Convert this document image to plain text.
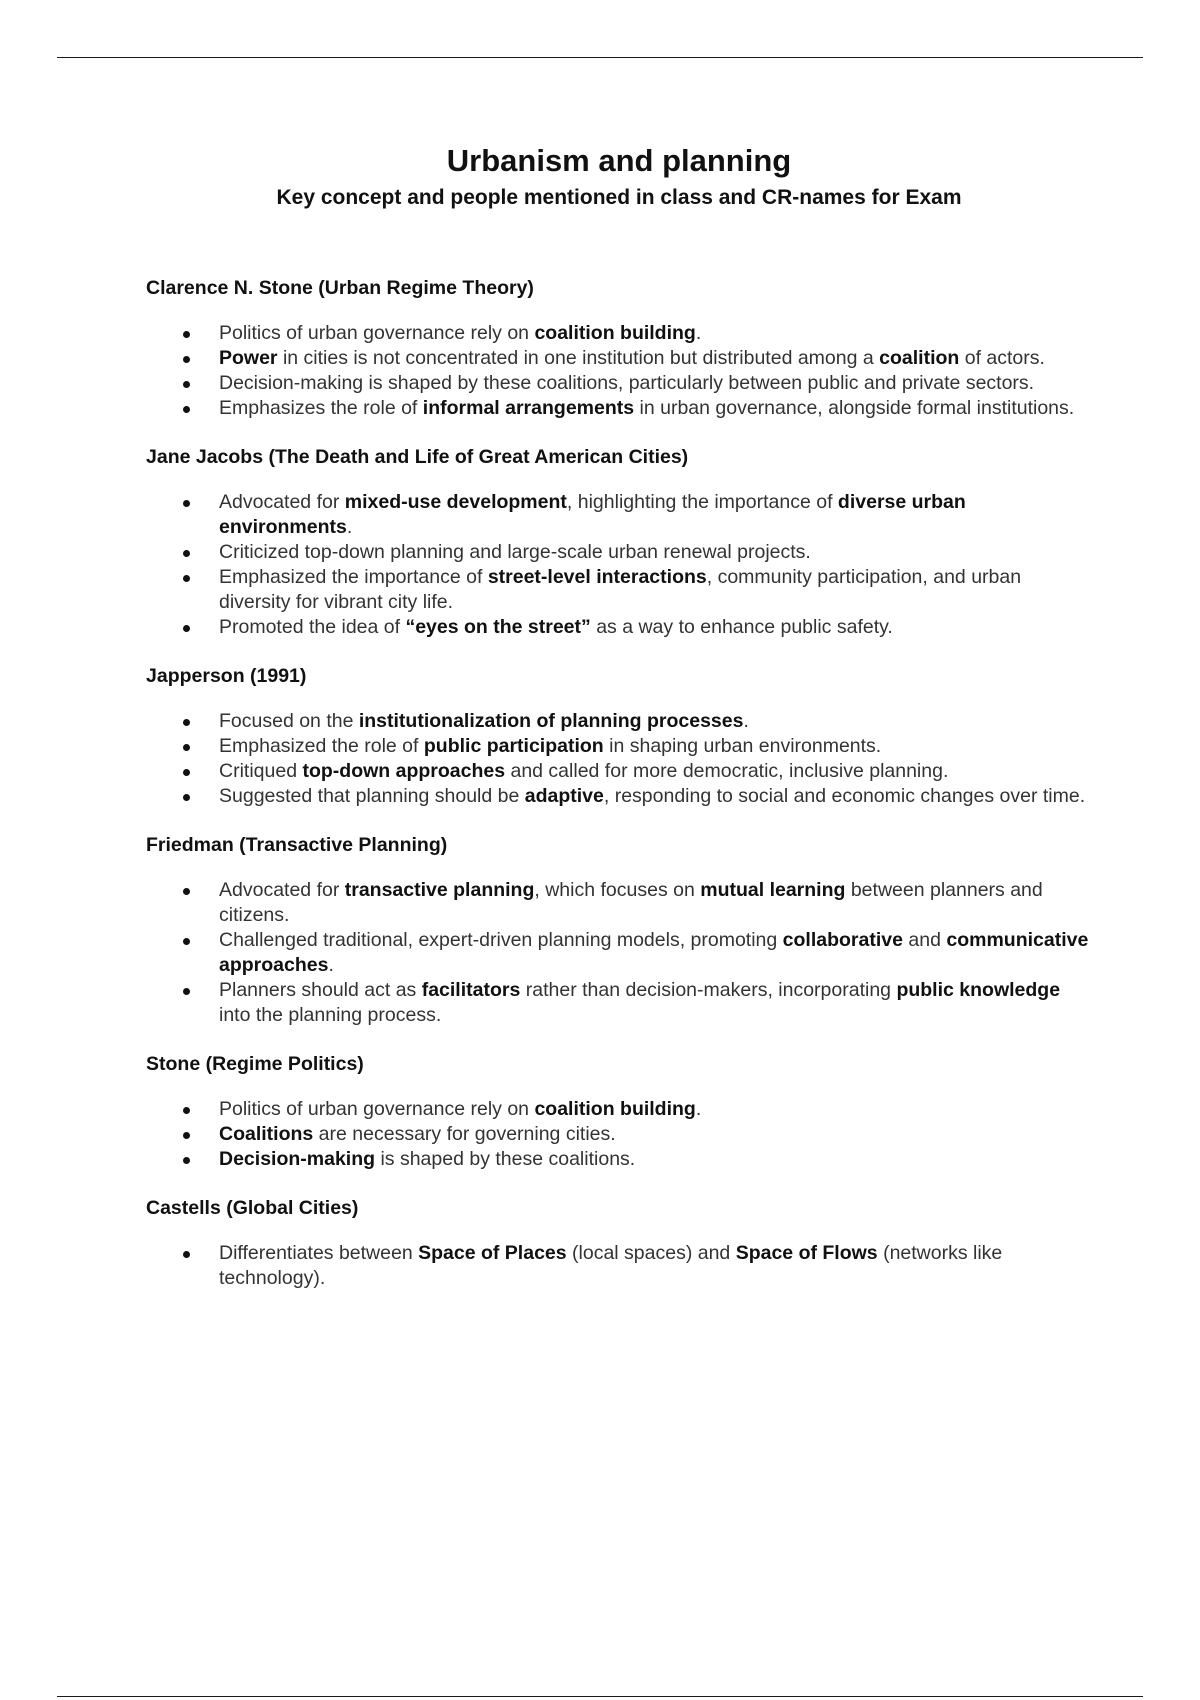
Urbanism and planning
Key concept and people mentioned in class and CR-names for Exam
Clarence N. Stone (Urban Regime Theory)
Politics of urban governance rely on coalition building.
Power in cities is not concentrated in one institution but distributed among a coalition of actors.
Decision-making is shaped by these coalitions, particularly between public and private sectors.
Emphasizes the role of informal arrangements in urban governance, alongside formal institutions.
Jane Jacobs (The Death and Life of Great American Cities)
Advocated for mixed-use development, highlighting the importance of diverse urban environments.
Criticized top-down planning and large-scale urban renewal projects.
Emphasized the importance of street-level interactions, community participation, and urban diversity for vibrant city life.
Promoted the idea of “eyes on the street” as a way to enhance public safety.
Japperson (1991)
Focused on the institutionalization of planning processes.
Emphasized the role of public participation in shaping urban environments.
Critiqued top-down approaches and called for more democratic, inclusive planning.
Suggested that planning should be adaptive, responding to social and economic changes over time.
Friedman (Transactive Planning)
Advocated for transactive planning, which focuses on mutual learning between planners and citizens.
Challenged traditional, expert-driven planning models, promoting collaborative and communicative approaches.
Planners should act as facilitators rather than decision-makers, incorporating public knowledge into the planning process.
Stone (Regime Politics)
Politics of urban governance rely on coalition building.
Coalitions are necessary for governing cities.
Decision-making is shaped by these coalitions.
Castells (Global Cities)
Differentiates between Space of Places (local spaces) and Space of Flows (networks like technology).
